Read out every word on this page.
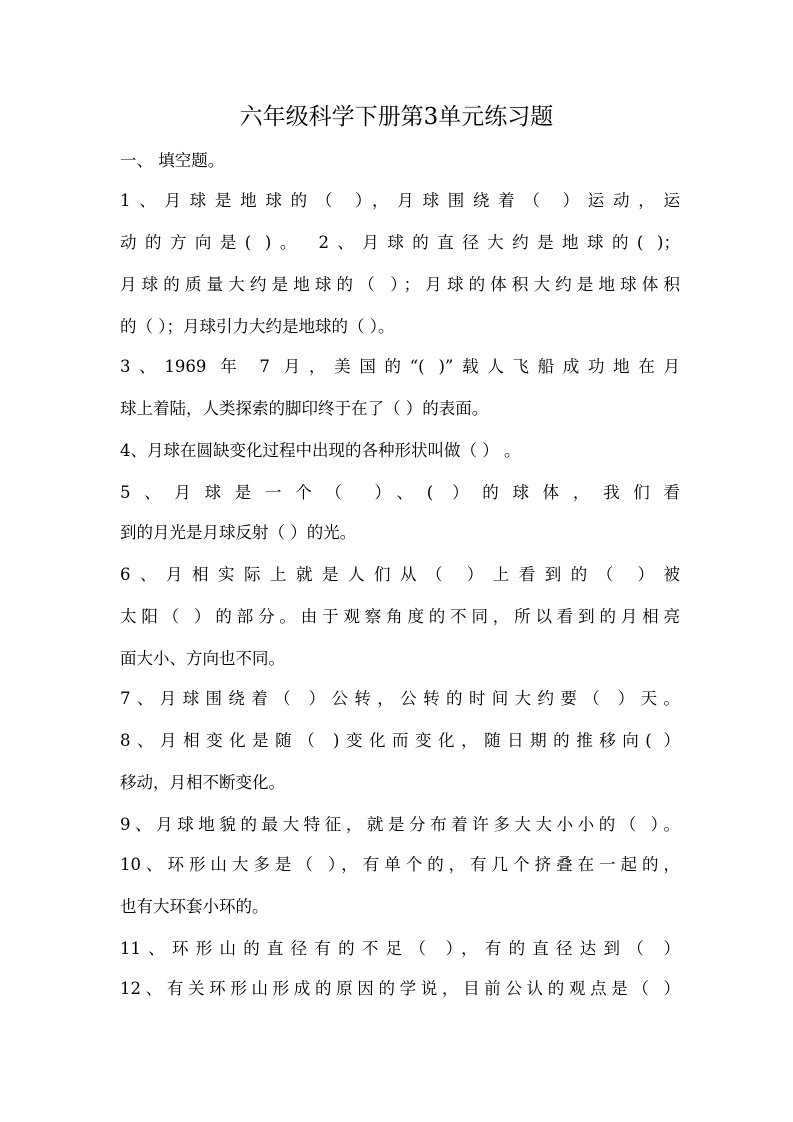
六年级科学下册第3单元练习题
一、 填空题。
1、月球是地球的（ ），月球围绕着（ ）运动，运
动的方向是( )。 2、月球的直径大约是地球的( )；
月球的质量大约是地球的（ ）；月球的体积大约是地球体积
的（ ）；月球引力大约是地球的（ ）。
3、1969 年 7 月，美国的“( )”载人飞船成功地在月
球上着陆，人类探索的脚印终于在了（ ）的表面。
4、月球在圆缺变化过程中出现的各种形状叫做（ ） 。
5、月球是一个（ ）、( ）的球体，我们看
到的月光是月球反射（ ）的光。
6、月相实际上就是人们从（ ）上看到的（ ）被
太阳（ ）的部分。由于观察角度的不同，所以看到的月相亮
面大小、方向也不同。
7、月球围绕着（ ）公转，公转的时间大约要（ ）天。
8、月相变化是随（ )变化而变化，随日期的推移向( ）
移动，月相不断变化。
9、月球地貌的最大特征，就是分布着许多大大小小的（ ）。
10、环形山大多是（ ），有单个的，有几个挤叠在一起的，
也有大环套小环的。
11、环形山的直径有的不足（ ），有的直径达到（ ）
12、有关环形山形成的原因的学说，目前公认的观点是（ ）
